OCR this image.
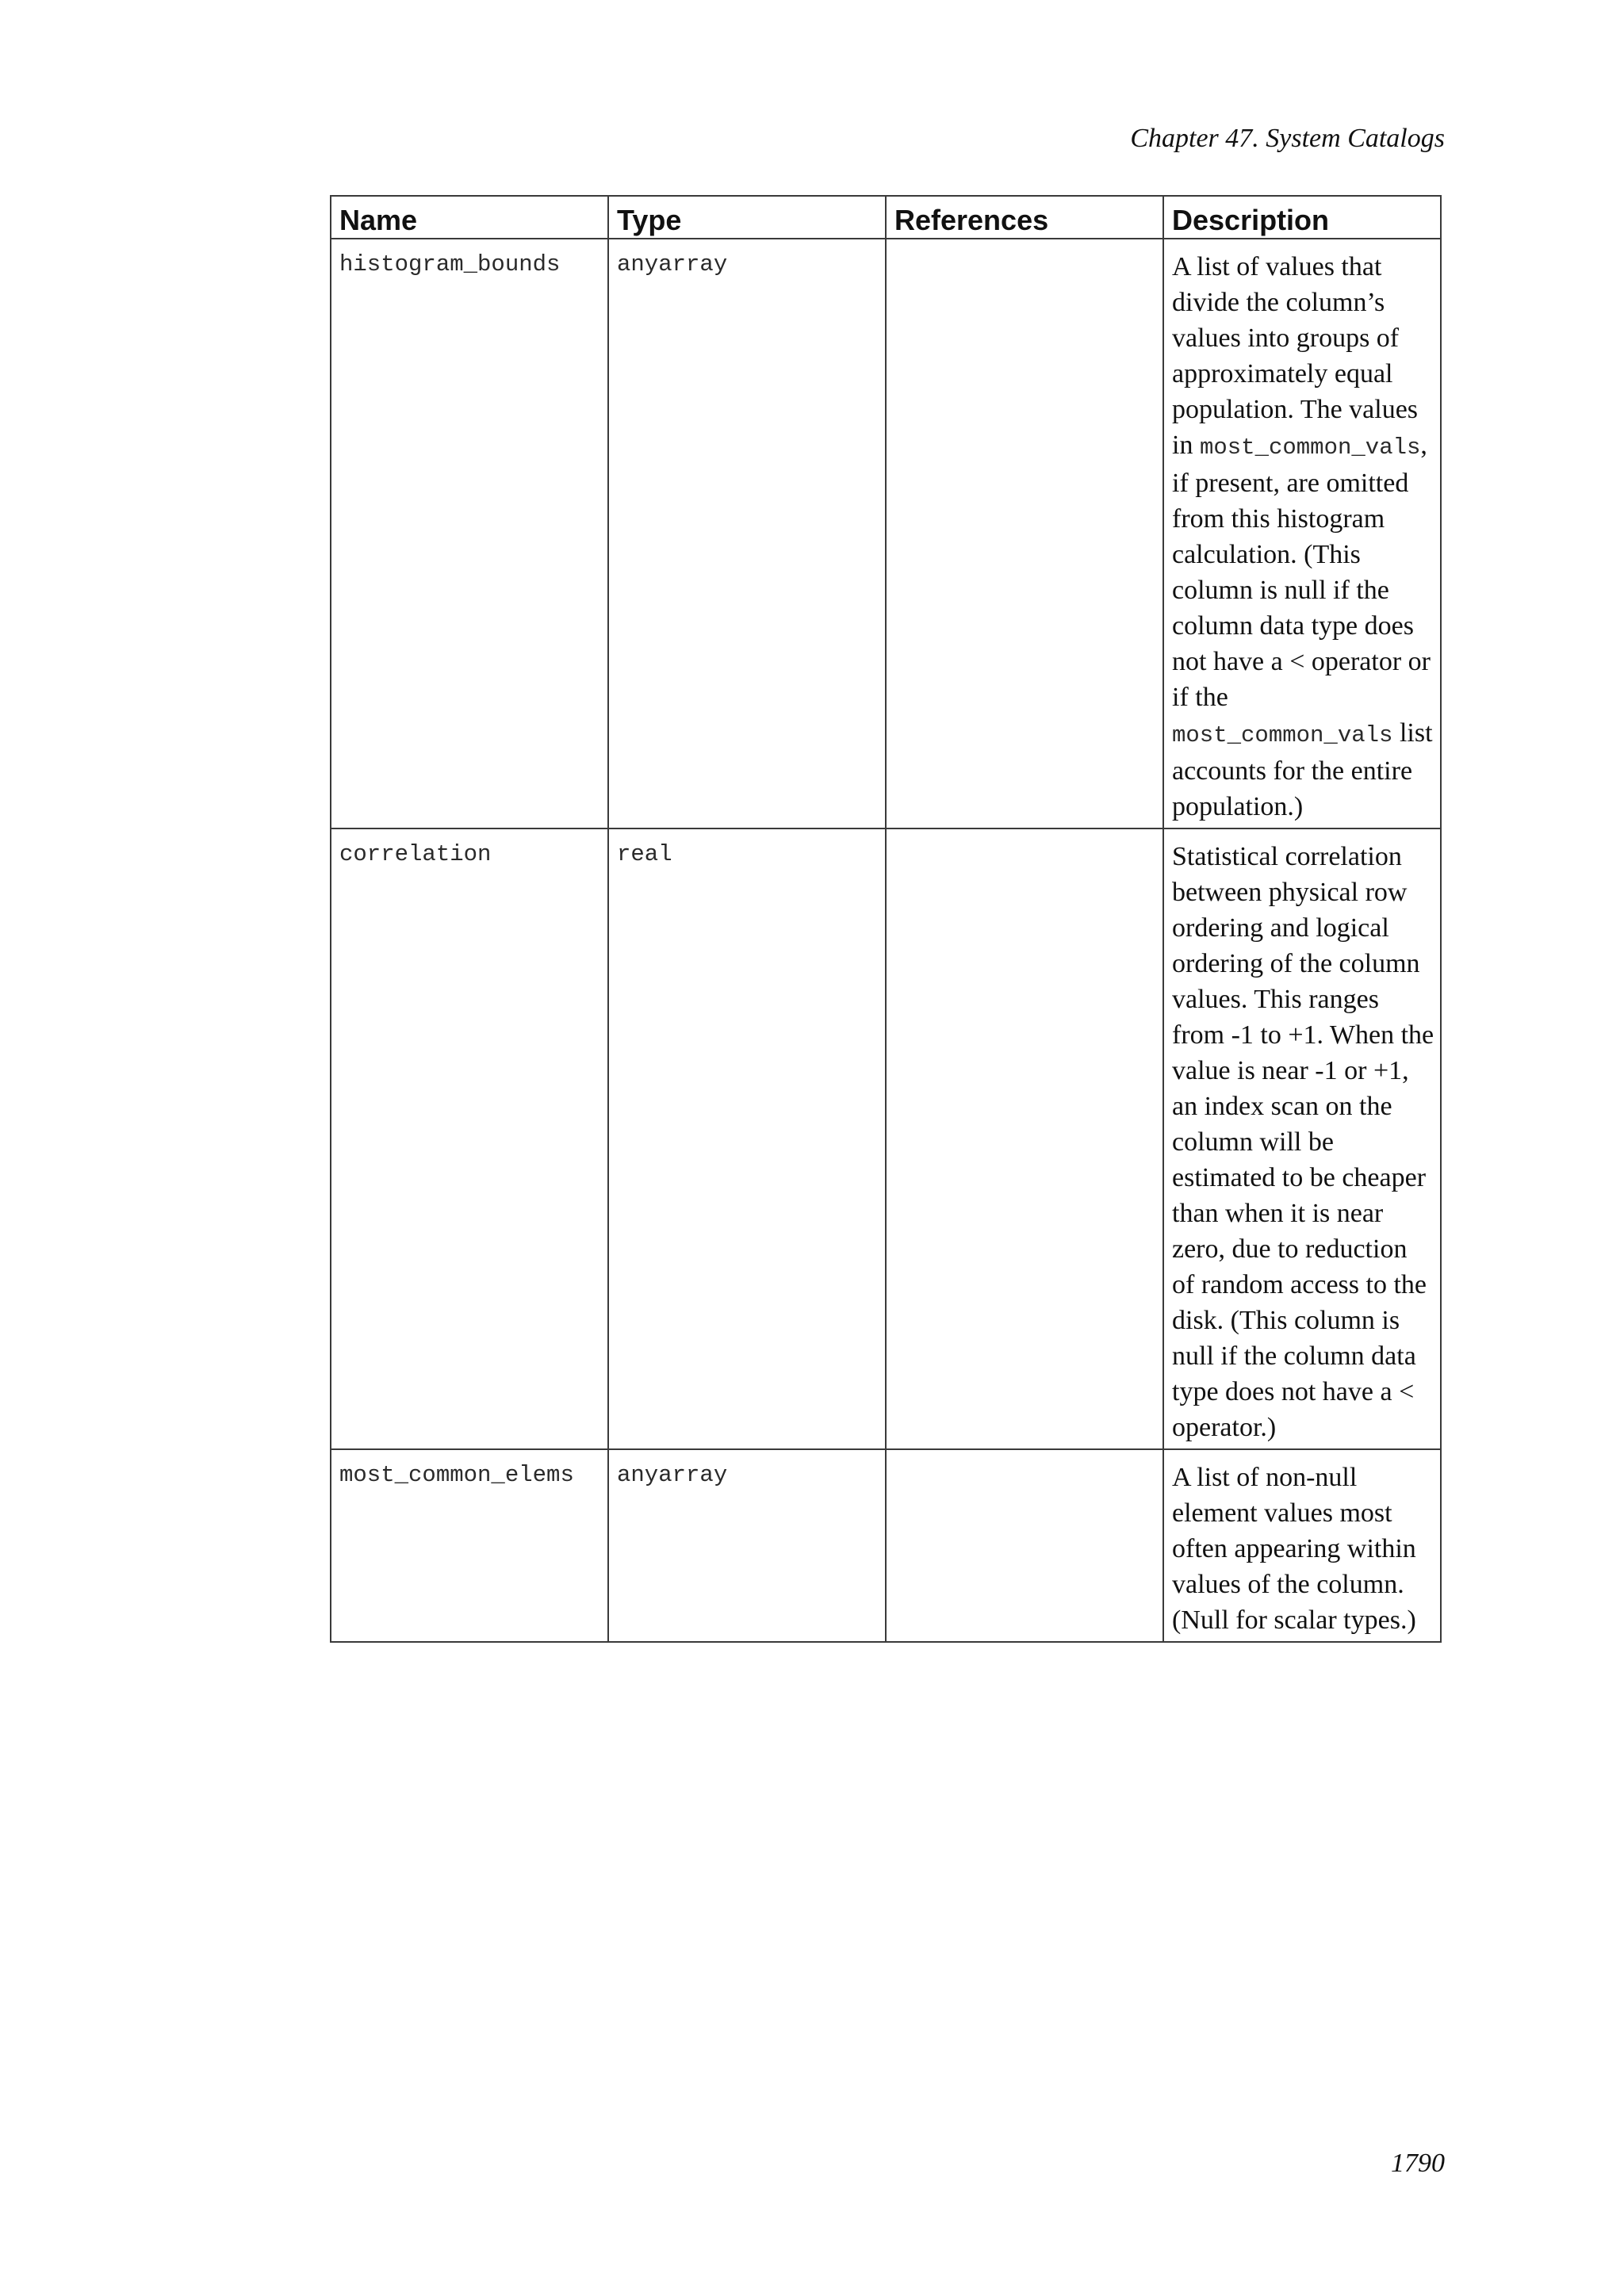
Chapter 47. System Catalogs
Name	Type	References	Description

histogram_bounds	anyarray		A list of values that divide the column’s values into groups of approximately equal population. The values in most_common_vals, if present, are omitted from this histogram calculation. (This column is null if the column data type does not have a < operator or if the most_common_vals list accounts for the entire population.)

correlation	real		Statistical correlation between physical row ordering and logical ordering of the column values. This ranges from -1 to +1. When the value is near -1 or +1, an index scan on the column will be estimated to be cheaper than when it is near zero, due to reduction of random access to the disk. (This column is null if the column data type does not have a < operator.)

most_common_elems	anyarray		A list of non-null element values most often appearing within values of the column. (Null for scalar types.)
1790
